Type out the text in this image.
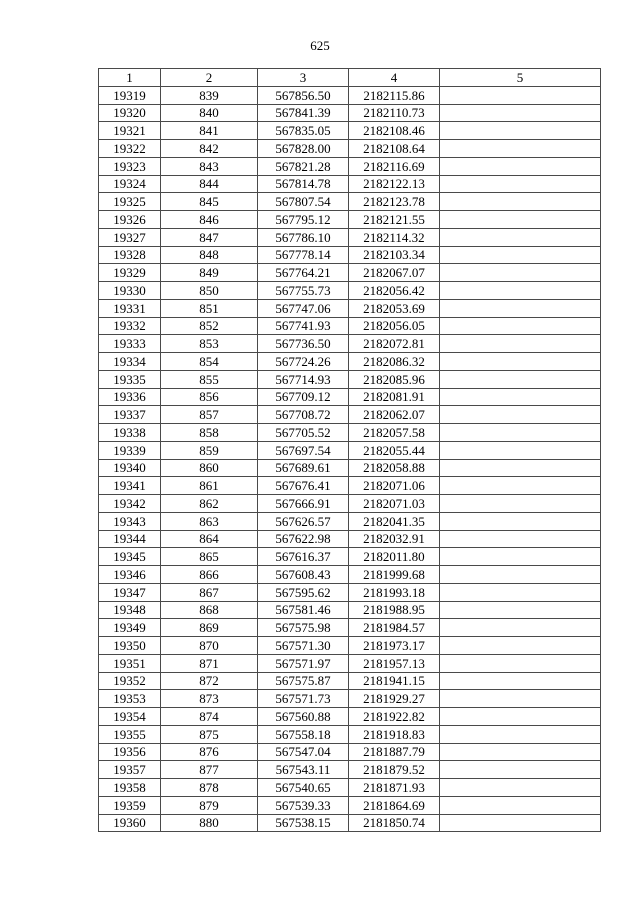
625
1	2	3	4	5
19319	839	567856.50	2182115.86	
19320	840	567841.39	2182110.73	
19321	841	567835.05	2182108.46	
19322	842	567828.00	2182108.64	
19323	843	567821.28	2182116.69	
19324	844	567814.78	2182122.13	
19325	845	567807.54	2182123.78	
19326	846	567795.12	2182121.55	
19327	847	567786.10	2182114.32	
19328	848	567778.14	2182103.34	
19329	849	567764.21	2182067.07	
19330	850	567755.73	2182056.42	
19331	851	567747.06	2182053.69	
19332	852	567741.93	2182056.05	
19333	853	567736.50	2182072.81	
19334	854	567724.26	2182086.32	
19335	855	567714.93	2182085.96	
19336	856	567709.12	2182081.91	
19337	857	567708.72	2182062.07	
19338	858	567705.52	2182057.58	
19339	859	567697.54	2182055.44	
19340	860	567689.61	2182058.88	
19341	861	567676.41	2182071.06	
19342	862	567666.91	2182071.03	
19343	863	567626.57	2182041.35	
19344	864	567622.98	2182032.91	
19345	865	567616.37	2182011.80	
19346	866	567608.43	2181999.68	
19347	867	567595.62	2181993.18	
19348	868	567581.46	2181988.95	
19349	869	567575.98	2181984.57	
19350	870	567571.30	2181973.17	
19351	871	567571.97	2181957.13	
19352	872	567575.87	2181941.15	
19353	873	567571.73	2181929.27	
19354	874	567560.88	2181922.82	
19355	875	567558.18	2181918.83	
19356	876	567547.04	2181887.79	
19357	877	567543.11	2181879.52	
19358	878	567540.65	2181871.93	
19359	879	567539.33	2181864.69	
19360	880	567538.15	2181850.74	
